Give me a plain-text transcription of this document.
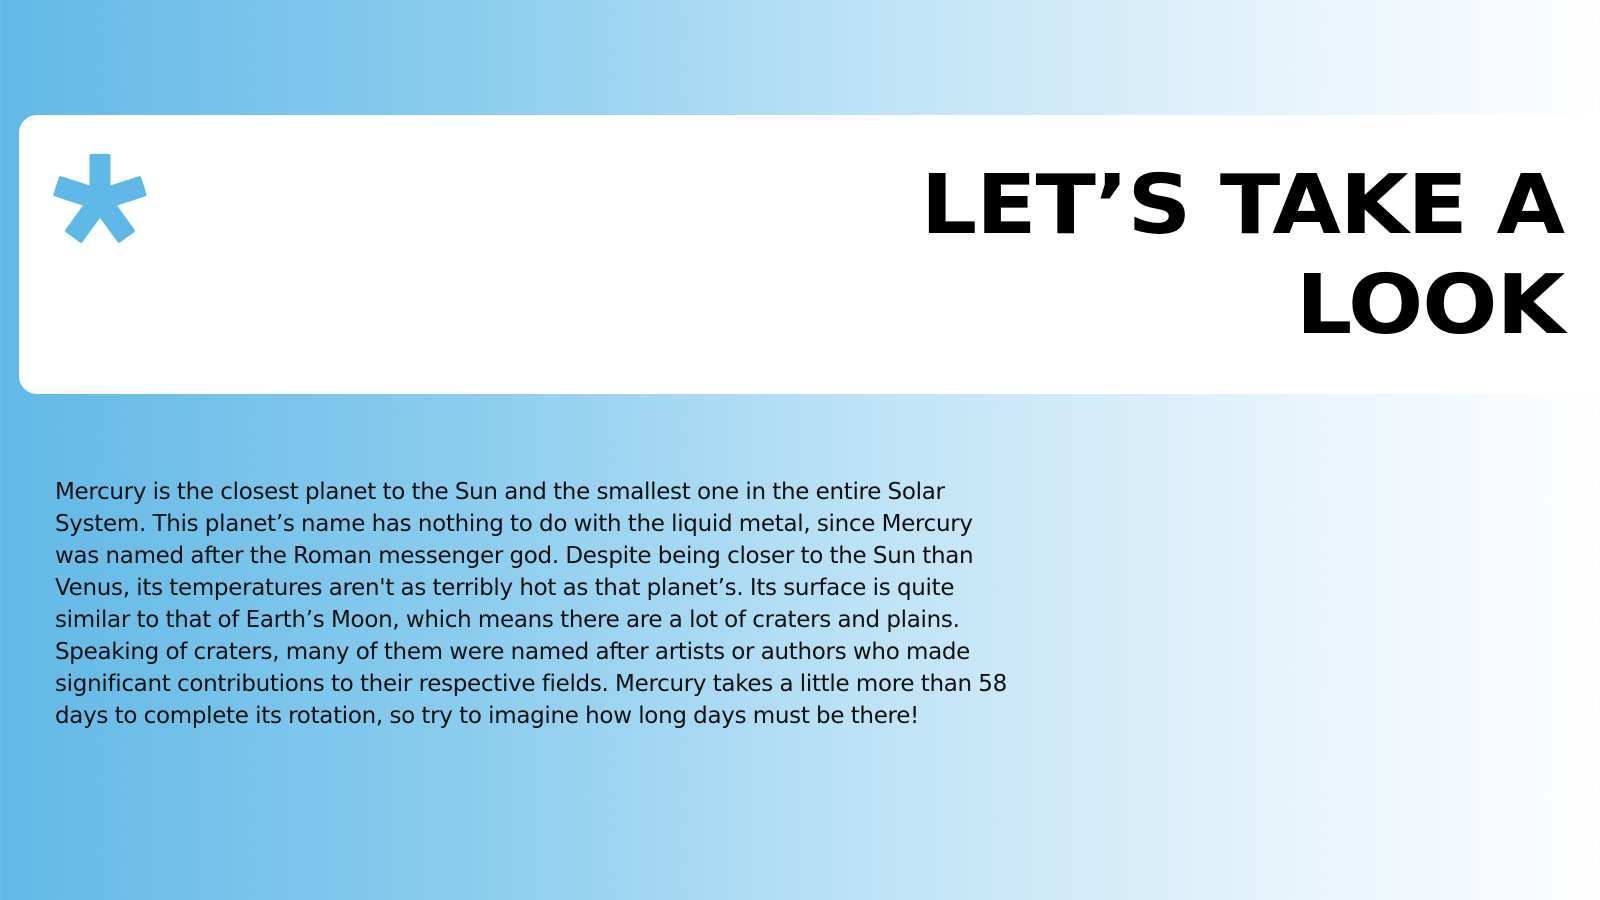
LET’S TAKE A
LOOK

Mercury is the closest planet to the Sun and the smallest one in the entire Solar System. This planet’s name has nothing to do with the liquid metal, since Mercury was named after the Roman messenger god. Despite being closer to the Sun than Venus, its temperatures aren't as terribly hot as that planet’s. Its surface is quite similar to that of Earth’s Moon, which means there are a lot of craters and plains. Speaking of craters, many of them were named after artists or authors who made significant contributions to their respective fields. Mercury takes a little more than 58 days to complete its rotation, so try to imagine how long days must be there!
